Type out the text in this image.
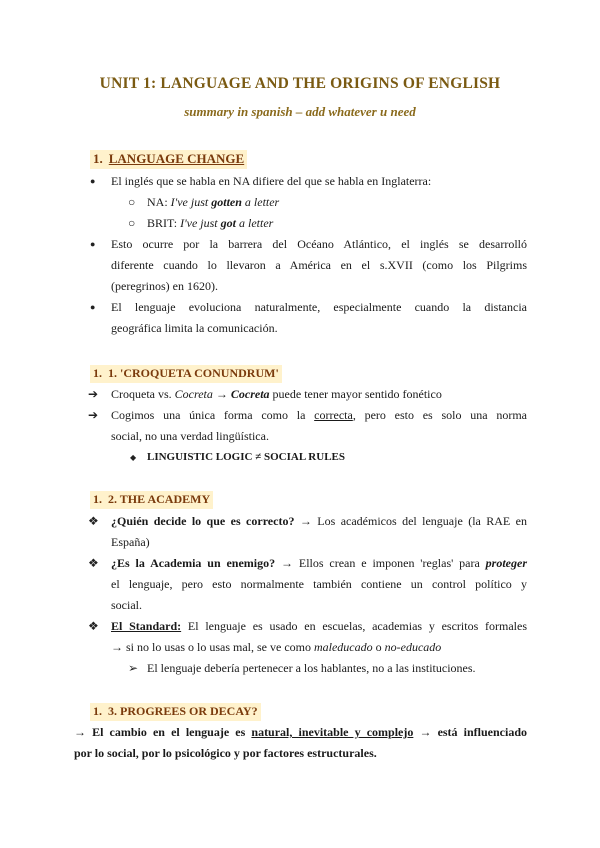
UNIT 1: LANGUAGE AND THE ORIGINS OF ENGLISH
summary in spanish – add whatever u need
1. LANGUAGE CHANGE
● El inglés que se habla en NA difiere del que se habla en Inglaterra:
○ NA: I've just gotten a letter
○ BRIT: I've just got a letter
● Esto ocurre por la barrera del Océano Atlántico, el inglés se desarrolló
diferente cuando lo llevaron a América en el s.XVII (como los Pilgrims
(peregrinos) en 1620).
● El lenguaje evoluciona naturalmente, especialmente cuando la distancia
geográfica limita la comunicación.
1. 1. 'CROQUETA CONUNDRUM'
➔ Croqueta vs. Cocreta → Cocreta puede tener mayor sentido fonético
➔ Cogimos una única forma como la correcta, pero esto es solo una norma
social, no una verdad lingüística.
◆ LINGUISTIC LOGIC ≠ SOCIAL RULES
1. 2. THE ACADEMY
❖ ¿Quién decide lo que es correcto? → Los académicos del lenguaje (la RAE en
España)
❖ ¿Es la Academia un enemigo? → Ellos crean e imponen 'reglas' para proteger
el lenguaje, pero esto normalmente también contiene un control político y
social.
❖ El Standard: El lenguaje es usado en escuelas, academias y escritos formales
→ si no lo usas o lo usas mal, se ve como maleducado o no-educado
➢ El lenguaje debería pertenecer a los hablantes, no a las instituciones.
1. 3. PROGREES OR DECAY?
→ El cambio en el lenguaje es natural, inevitable y complejo → está influenciado
por lo social, por lo psicológico y por factores estructurales.
